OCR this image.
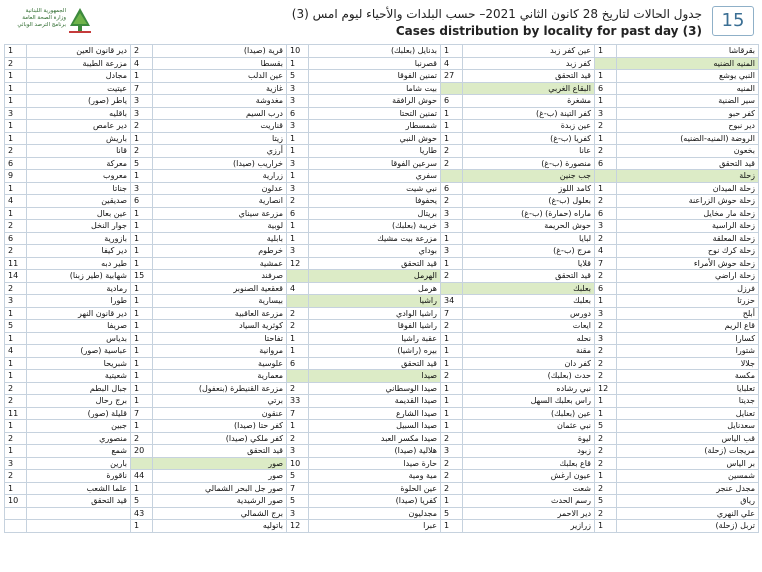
الجمهورية اللبنانية
وزارة الصحة العامة
برنامج الترصد الوبائي
جدول الحالات لتاريخ 28 كانون الثاني 2021– حسب البلدات والأحياء ليوم امس (3)
Cases distribution by locality for past day (3)	15
1	دير قانون العين	2	قرية (صيدا)	10	بدنايل (بعلبك)	1	عين كفر زبد	1	بقرقاشا
2	مزرعة الطيبة	4	بقسطا	1	قصرنبا	4	كفر زبد		المنيه الضنيه
1	مجادل	1	عين الدلب	5	تمنين الفوقا	27	قيد التحقق	1	النبي يوشع
1	عيتيت	7	غازية	3	بيت شاما		البقاع الغربي	6	المنيه
1	ياطر (صور)	3	مغدوشة	3	حوش الرافقة	6	مشغرة	1	سير الضنية
3	باقليه	3	درب السيم	6	تمنين التحتا	1	كفر التينة (ب-غ)	3	كفر حبو
1	دير عامص	2	قناريت	3	شمسطار	1	عين زبدة	2	دير نبوح
1	باريش	1	زيتا	1	حوش النبي	1	كفريا (ب-غ)	1	الروضة (المنيه-الضنيه)
2	قانا	2	أرزي	1	طاريا	2	عانا	2	بخعون
6	معركة	5	خراريب (صيدا)	3	سرعين الفوقا	2	منصورة (ب-غ)	6	قيد التحقق
9	معروب	1	زرارية	1	سفري		جب جنين		زحلة
1	جناتا	3	عدلون	3	نبي شيت	6	كامد اللوز	1	زحلة الميدان
4	صديقين	6	انصارية	2	يحفوفا	2	بعلول (ب-غ)	2	زحلة حوش الزراعنة
1	عين بعال	1	مزرعة سيناي	6	بريتال	3	ماراه (حمارة) (ب-غ)	6	زحلة مار مخايل
2	جوار النخل	1	لوبية	1	خريبة (بعلبك)	3	حوش الحريمة	3	زحلة الراسية
6	بازورية	1	بابلية	1	مزرعة بيت مشيك	1	لبايا	2	زحلة المعلقة
2	دير كيفا	1	خرطوم	3	بوداي	3	مرج (ب-غ)	4	زحلة كرك نوح
11	طير دبه	1	عمشية	12	قيد التحقق	1	قلايا	7	زحلة حوش الأمراء
14	شهابية (طير زبنا)	15	صرفند		الهرمل	2	قيد التحقق	2	زحلة اراضي
2	رمادية	1	قعقعية الصنوبر	4	هرمل		بعلبك	6	فرزل
3	طورا	1	بيسارية		راشيا	34	بعلبك	1	حزرتا
1	دير قانون النهر	1	مزرعة العاقبية	2	راشيا الوادي	7	دورس	3	أبلح
5	صريفا	1	كوثرية السياد	2	راشيا الفوقا	2	ايعات	2	قاع الريم
1	بدياس	1	تفاحتا	1	عقبة راشيا	1	نحله	3	كسارا
4	عباسية (صور)	1	مروانية	1	بيره (راشيا)	1	مقنة	2	شتورا
1	شبريحا	1	علوسية	6	قيد التحقق	1	كفر دان	2	جلالا
1	شعيتية	1	معمارية		صيدا	2	حدث (بعلبك)	2	مكسة
2	جبال البطم	1	مزرعة القنيطرة (بنعفول)	2	صيدا الوسطاني	1	نبي رشاده	12	تعلبايا
2	برج رحال	1	برتي	33	صيدا القديمة	1	راس بعلبك السهل	1	جديتا
11	قليلة (صور)	7	عنقون	7	صيدا الشارع	1	عين (بعلبك)	1	تعنايل
1	جبين	1	كفر حتا (صيدا)	1	صيدا السبيل	1	نبي عثمان	5	سعدنايل
2	منصوري	2	كفر ملكي (صيدا)	2	صيدا مكسر العبد	2	ليوة	2	قب الياس
1	شمع	20	قيد التحقق	3	هلالية (صيدا)	3	زبود	2	مريجات (زحلة)
3	بارين		صور	10	حارة صيدا	2	قاع بعلبك	2	بر الياس
2	ناقورة	44	صور	5	مية ومية	2	عيون ارغش	1	شمسين
1	علما الشعب	1	صور جل البحر الشمالي	7	عين الحلوة	2	شعت	2	مجدل عنجر
10	قيد التحقق	5	صور الرشيدية	5	كفريا (صيدا)	1	رسم الحدث	5	رياق
		43	برج الشمالي	3	مجدليون	5	دير الاحمر	2	علي النهري
		1	باتوليه	12	عبرا	1	زرازير	1	تربل (زحلة)
